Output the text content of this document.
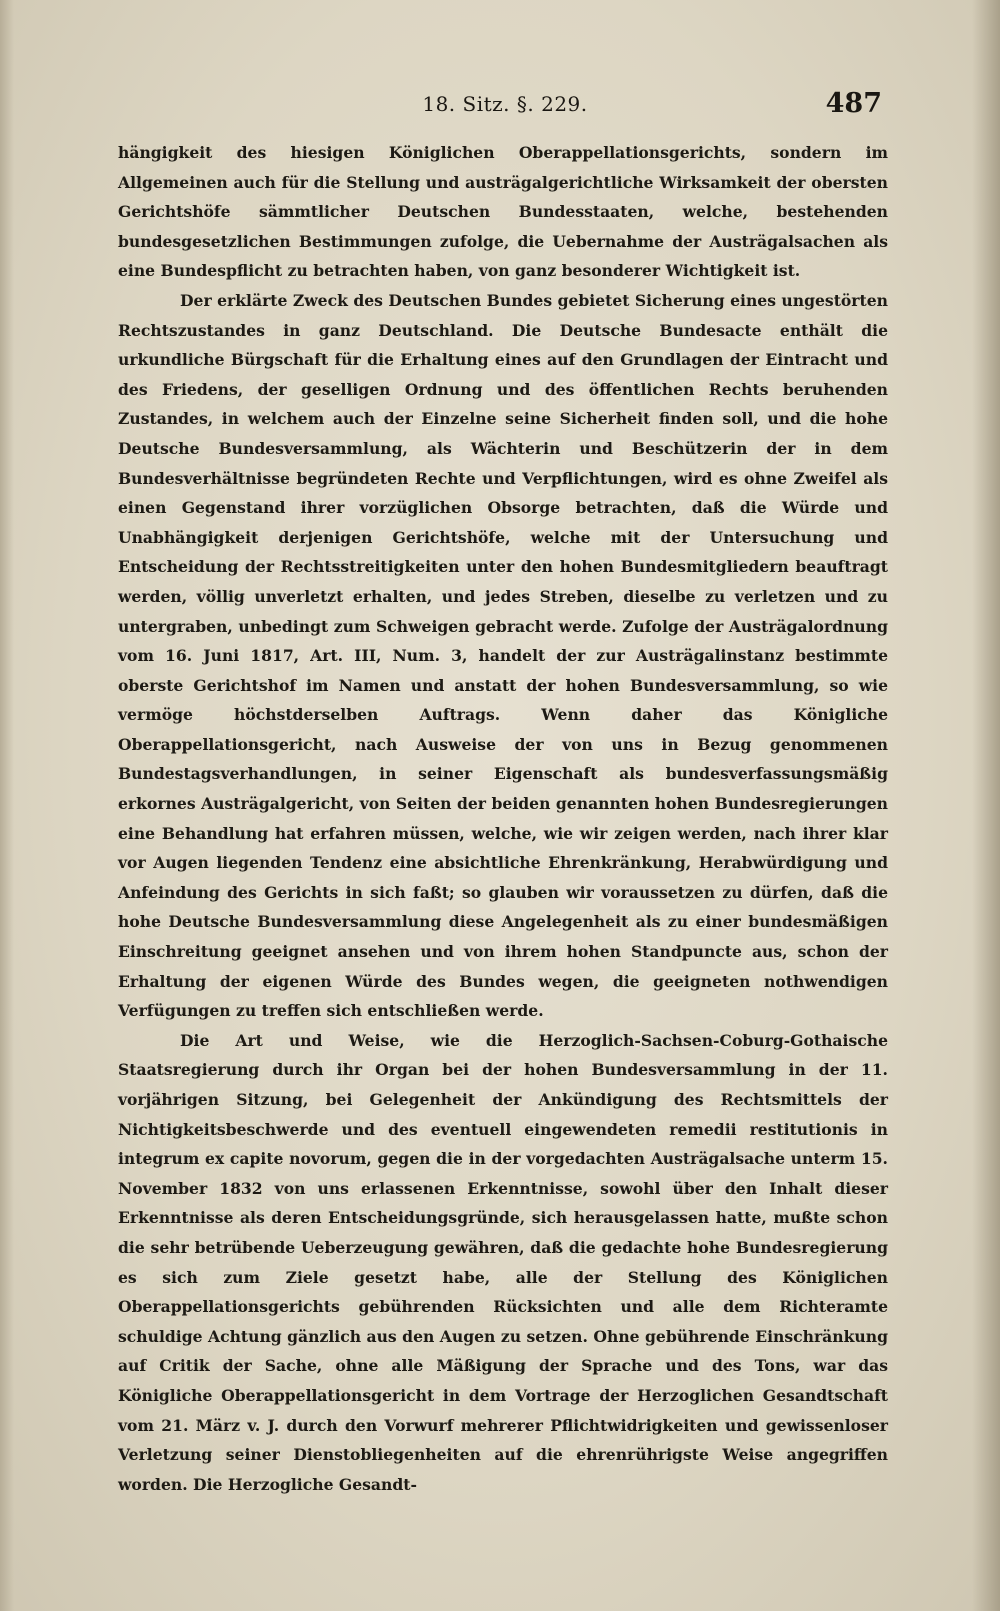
18. Sitz. §. 229.	487

hängigkeit des hiesigen Königlichen Oberappellationsgerichts, sondern im Allgemeinen auch für die Stellung und austrägalgerichtliche Wirksamkeit der obersten Gerichtshöfe sämmtlicher Deutschen Bundesstaaten, welche, bestehenden bundesgesetzlichen Bestimmungen zufolge, die Uebernahme der Austrägalsachen als eine Bundespflicht zu betrachten haben, von ganz besonderer Wichtigkeit ist.

Der erklärte Zweck des Deutschen Bundes gebietet Sicherung eines ungestörten Rechtszustandes in ganz Deutschland. Die Deutsche Bundesacte enthält die urkundliche Bürgschaft für die Erhaltung eines auf den Grundlagen der Eintracht und des Friedens, der geselligen Ordnung und des öffentlichen Rechts beruhenden Zustandes, in welchem auch der Einzelne seine Sicherheit finden soll, und die hohe Deutsche Bundesversammlung, als Wächterin und Beschützerin der in dem Bundesverhältnisse begründeten Rechte und Verpflichtungen, wird es ohne Zweifel als einen Gegenstand ihrer vorzüglichen Obsorge betrachten, daß die Würde und Unabhängigkeit derjenigen Gerichtshöfe, welche mit der Untersuchung und Entscheidung der Rechtsstreitigkeiten unter den hohen Bundesmitgliedern beauftragt werden, völlig unverletzt erhalten, und jedes Streben, dieselbe zu verletzen und zu untergraben, unbedingt zum Schweigen gebracht werde. Zufolge der Austrägalordnung vom 16. Juni 1817, Art. III, Num. 3, handelt der zur Austrägalinstanz bestimmte oberste Gerichtshof im Namen und anstatt der hohen Bundesversammlung, so wie vermöge höchstderselben Auftrags. Wenn daher das Königliche Oberappellationsgericht, nach Ausweise der von uns in Bezug genommenen Bundestagsverhandlungen, in seiner Eigenschaft als bundesverfassungsmäßig erkornes Austrägalgericht, von Seiten der beiden genannten hohen Bundesregierungen eine Behandlung hat erfahren müssen, welche, wie wir zeigen werden, nach ihrer klar vor Augen liegenden Tendenz eine absichtliche Ehrenkränkung, Herabwürdigung und Anfeindung des Gerichts in sich faßt; so glauben wir voraussetzen zu dürfen, daß die hohe Deutsche Bundesversammlung diese Angelegenheit als zu einer bundesmäßigen Einschreitung geeignet ansehen und von ihrem hohen Standpuncte aus, schon der Erhaltung der eigenen Würde des Bundes wegen, die geeigneten nothwendigen Verfügungen zu treffen sich entschließen werde.

Die Art und Weise, wie die Herzoglich-Sachsen-Coburg-Gothaische Staatsregierung durch ihr Organ bei der hohen Bundesversammlung in der 11. vorjährigen Sitzung, bei Gelegenheit der Ankündigung des Rechtsmittels der Nichtigkeitsbeschwerde und des eventuell eingewendeten remedii restitutionis in integrum ex capite novorum, gegen die in der vorgedachten Austrägalsache unterm 15. November 1832 von uns erlassenen Erkenntnisse, sowohl über den Inhalt dieser Erkenntnisse als deren Entscheidungsgründe, sich herausgelassen hatte, mußte schon die sehr betrübende Ueberzeugung gewähren, daß die gedachte hohe Bundesregierung es sich zum Ziele gesetzt habe, alle der Stellung des Königlichen Oberappellationsgerichts gebührenden Rücksichten und alle dem Richteramte schuldige Achtung gänzlich aus den Augen zu setzen. Ohne gebührende Einschränkung auf Critik der Sache, ohne alle Mäßigung der Sprache und des Tons, war das Königliche Oberappellationsgericht in dem Vortrage der Herzoglichen Gesandtschaft vom 21. März v. J. durch den Vorwurf mehrerer Pflichtwidrigkeiten und gewissenloser Verletzung seiner Dienstobliegenheiten auf die ehrenrührigste Weise angegriffen worden. Die Herzogliche Gesandt-
